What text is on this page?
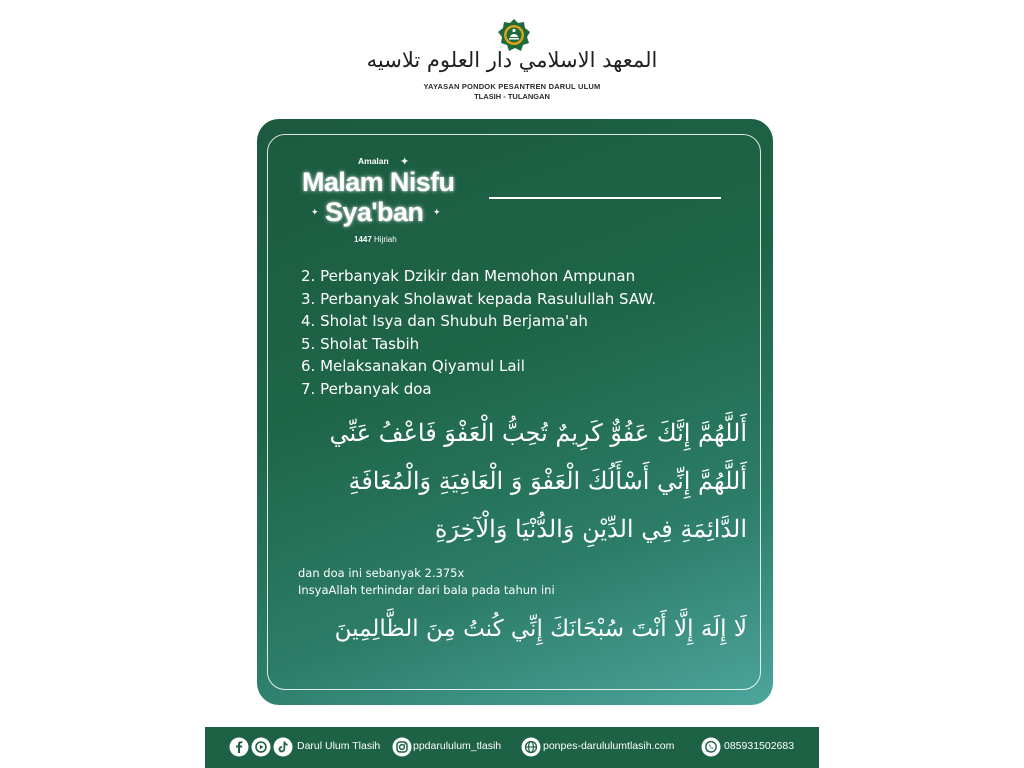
المعهد الاسلامي دار العلوم تلاسيه
YAYASAN PONDOK PESANTREN DARUL ULUM
TLASIH - TULANGAN
Amalan ✦
Malam Nisfu
✦ Sya'ban ✦
1447 Hijriah
2. Perbanyak Dzikir dan Memohon Ampunan
3. Perbanyak Sholawat kepada Rasulullah SAW.
4. Sholat Isya dan Shubuh Berjama'ah
5. Sholat Tasbih
6. Melaksanakan Qiyamul Lail
7. Perbanyak doa
أَللَّهُمَّ إِنَّكَ عَفُوٌّ كَرِيمٌ تُحِبُّ الْعَفْوَ فَاعْفُ عَنِّي أَللَّهُمَّ إِنِّي أَسْأَلُكَ الْعَفْوَ وَ الْعَافِيَةِ وَالْمُعَافَةِ الدَّائِمَةِ فِي الدِّيْنِ وَالدُّنْيَا وَالْآخِرَةِ
dan doa ini sebanyak 2.375x
InsyaAllah terhindar dari bala pada tahun ini
لَا إِلَهَ إِلَّا أَنْتَ سُبْحَانَكَ إِنِّي كُنتُ مِنَ الظَّالِمِينَ
Darul Ulum Tlasih	ppdarululum_tlasih	ponpes-darululumtlasih.com	085931502683
